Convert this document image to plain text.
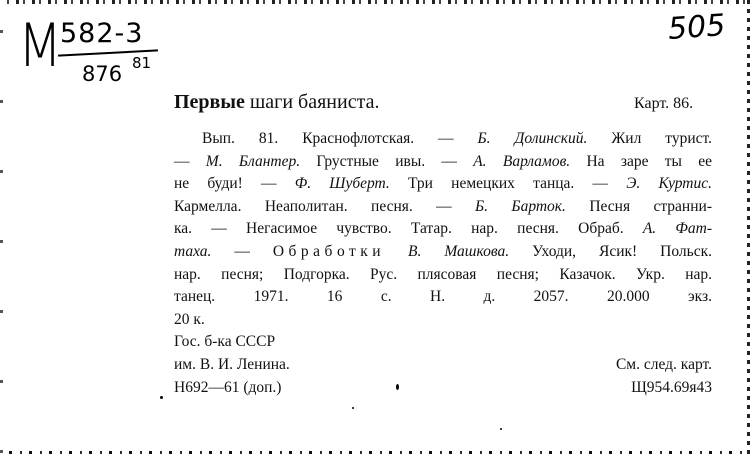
М
582-3
876 81
505
Карт. 86.
Первые шаги баяниста.
Вып. 81. Краснофлотская. — Б. Долинский. Жил турист.
— М. Блантер. Грустные ивы. — А. Варламов. На заре ты ее
не буди! — Ф. Шуберт. Три немецких танца. — Э. Куртис.
Кармелла. Неаполитан. песня. — Б. Барток. Песня странни-
ка. — Негасимое чувство. Татар. нар. песня. Обраб. А. Фат-
таха. — Обработки В. Машкова. Уходи, Ясик! Польск.
нар. песня; Подгорка. Рус. плясовая песня; Казачок. Укр. нар.
танец. 1971. 16 с. Н. д. 2057. 20.000 экз.
20 к.
Гос. б-ка СССР
им. В. И. Ленина.
Н692—61 (доп.)
См. след. карт.
Щ954.69я43
